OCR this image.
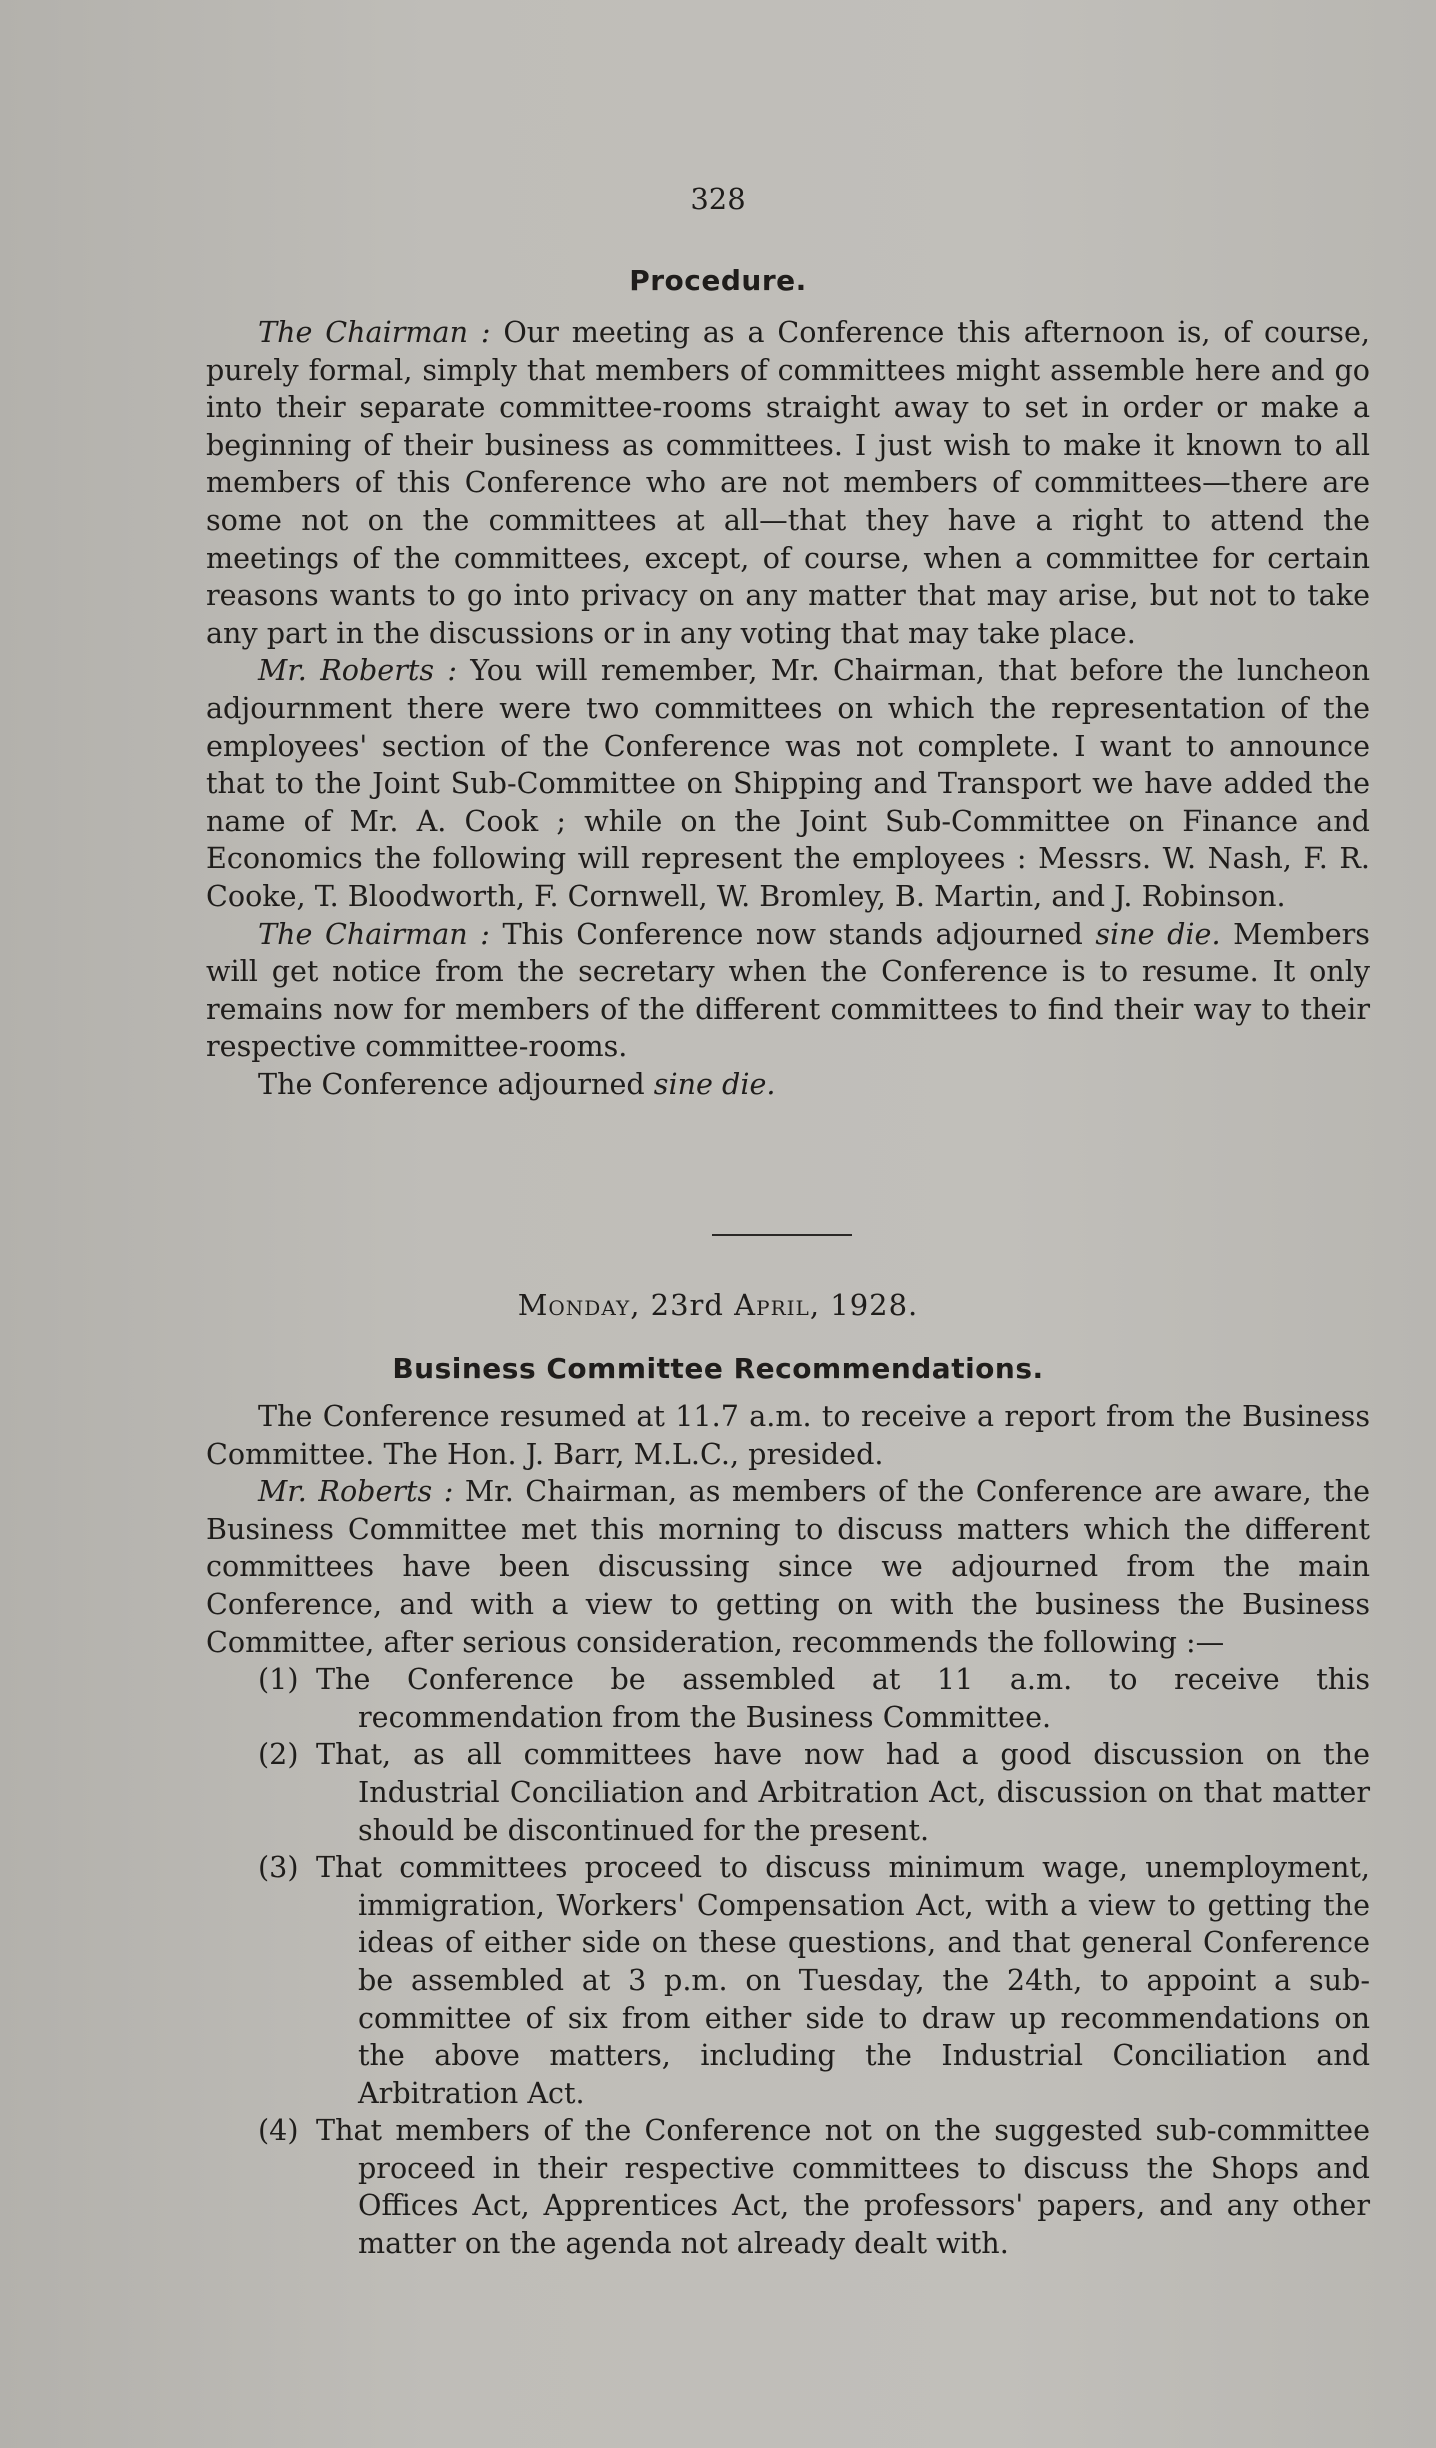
328
Procedure.

The Chairman : Our meeting as a Conference this afternoon is, of course, purely formal, simply that members of committees might assemble here and go into their separate committee-rooms straight away to set in order or make a beginning of their business as committees. I just wish to make it known to all members of this Conference who are not members of committees—there are some not on the committees at all—that they have a right to attend the meetings of the committees, except, of course, when a committee for certain reasons wants to go into privacy on any matter that may arise, but not to take any part in the discussions or in any voting that may take place.

Mr. Roberts : You will remember, Mr. Chairman, that before the luncheon adjournment there were two committees on which the representation of the employees' section of the Conference was not complete. I want to announce that to the Joint Sub-Committee on Shipping and Transport we have added the name of Mr. A. Cook ; while on the Joint Sub-Committee on Finance and Economics the following will represent the employees : Messrs. W. Nash, F. R. Cooke, T. Bloodworth, F. Cornwell, W. Bromley, B. Martin, and J. Robinson.

The Chairman : This Conference now stands adjourned sine die. Members will get notice from the secretary when the Conference is to resume. It only remains now for members of the different committees to find their way to their respective committee-rooms.

The Conference adjourned sine die.

Monday, 23rd April, 1928.
Business Committee Recommendations.

The Conference resumed at 11.7 a.m. to receive a report from the Business Committee. The Hon. J. Barr, M.L.C., presided.

Mr. Roberts : Mr. Chairman, as members of the Conference are aware, the Business Committee met this morning to discuss matters which the different committees have been discussing since we adjourned from the main Conference, and with a view to getting on with the business the Business Committee, after serious consideration, recommends the following :—

(1) The Conference be assembled at 11 a.m. to receive this recommendation from the Business Committee.

(2) That, as all committees have now had a good discussion on the Industrial Conciliation and Arbitration Act, discussion on that matter should be discontinued for the present.

(3) That committees proceed to discuss minimum wage, unemployment, immigration, Workers' Compensation Act, with a view to getting the ideas of either side on these questions, and that general Conference be assembled at 3 p.m. on Tuesday, the 24th, to appoint a sub-committee of six from either side to draw up recommendations on the above matters, including the Industrial Conciliation and Arbitration Act.

(4) That members of the Conference not on the suggested sub-committee proceed in their respective committees to discuss the Shops and Offices Act, Apprentices Act, the professors' papers, and any other matter on the agenda not already dealt with.
